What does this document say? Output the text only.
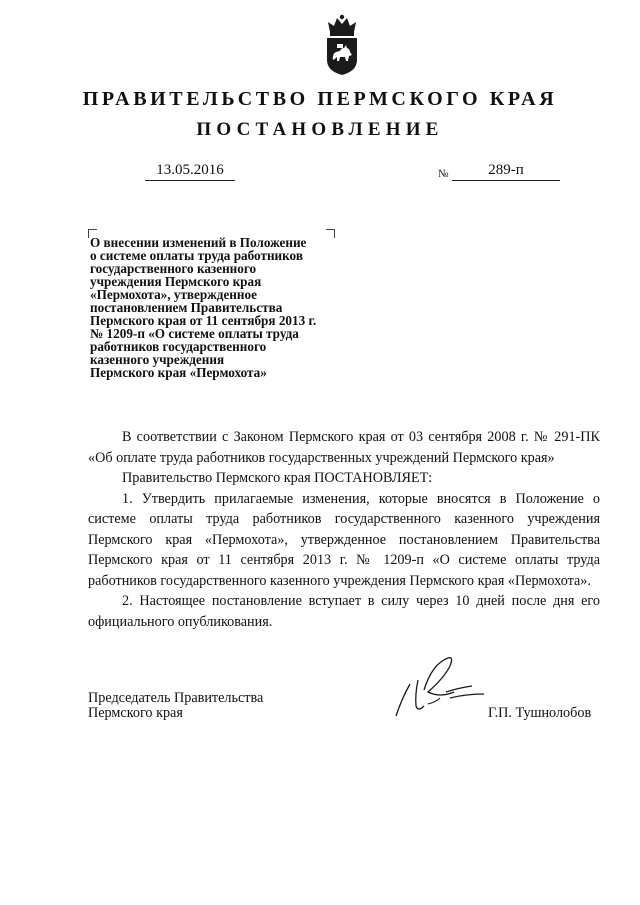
ПРАВИТЕЛЬСТВО ПЕРМСКОГО КРАЯ
ПОСТАНОВЛЕНИЕ
13.05.2016	№	289-п
О внесении изменений в Положение
о системе оплаты труда работников
государственного казенного
учреждения Пермского края
«Пермохота», утвержденное
постановлением Правительства
Пермского края от 11 сентября 2013 г.
№ 1209-п «О системе оплаты труда
работников государственного
казенного учреждения
Пермского края «Пермохота»

В соответствии с Законом Пермского края от 03 сентября 2008 г. № 291-ПК «Об оплате труда работников государственных учреждений Пермского края»

Правительство Пермского края ПОСТАНОВЛЯЕТ:

1. Утвердить прилагаемые изменения, которые вносятся в Положение о системе оплаты труда работников государственного казенного учреждения Пермского края «Пермохота», утвержденное постановлением Правительства Пермского края от 11 сентября 2013 г. № 1209-п «О системе оплаты труда работников государственного казенного учреждения Пермского края «Пермохота».

2. Настоящее постановление вступает в силу через 10 дней после дня его официального опубликования.

Председатель Правительства
Пермского края	Г.П. Тушнолобов
